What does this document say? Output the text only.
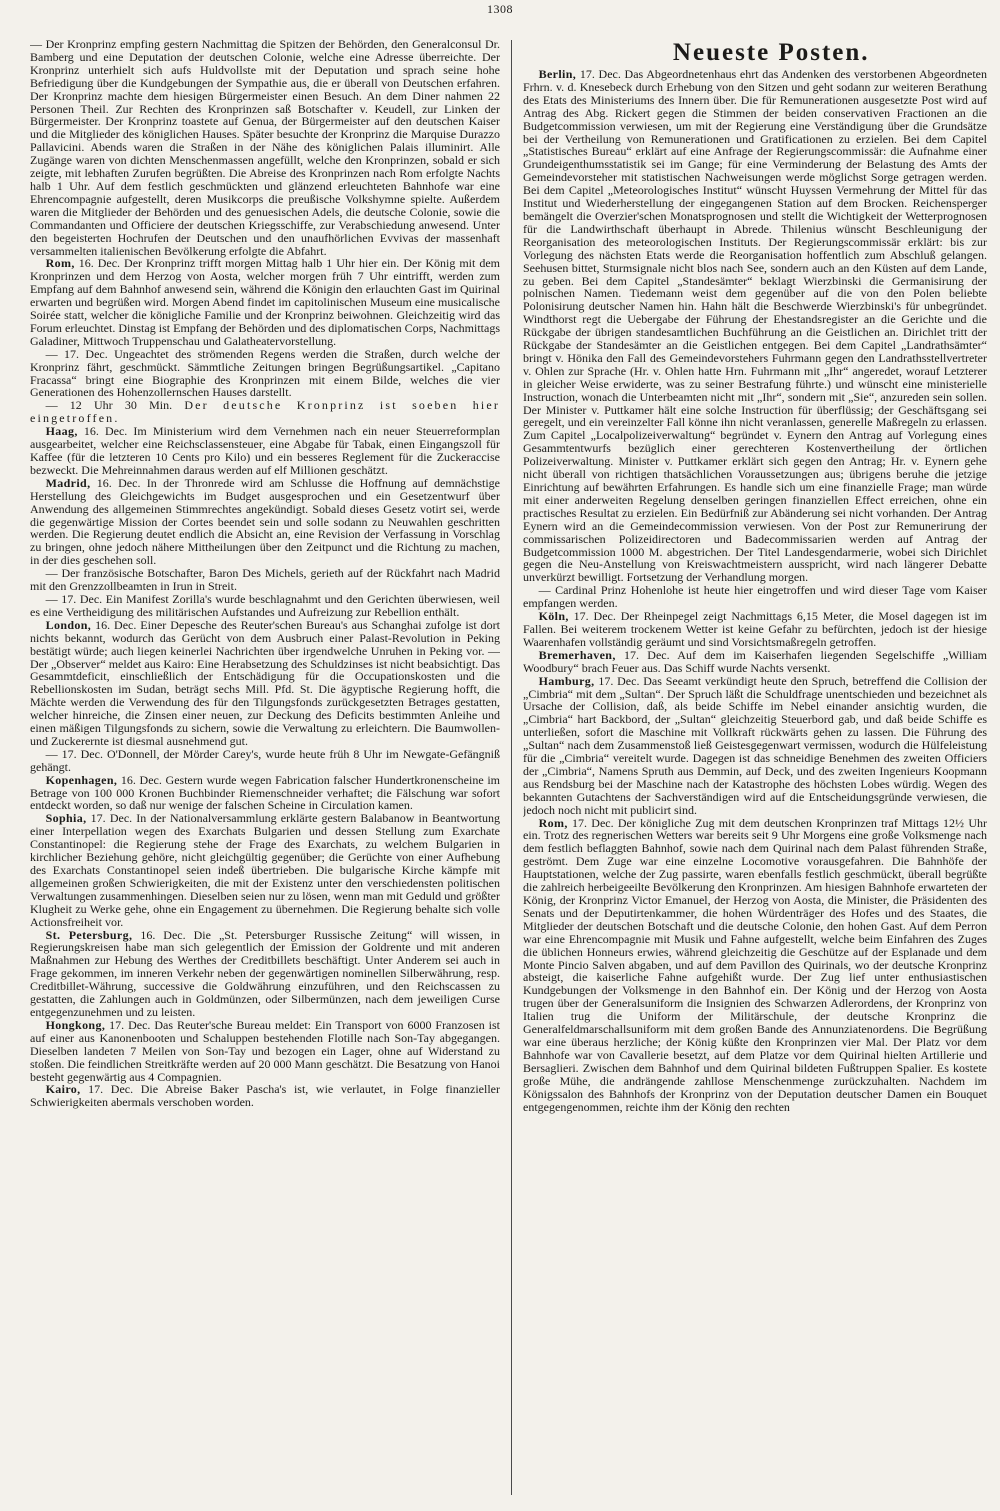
1308

— Der Kronprinz empfing gestern Nachmittag die Spitzen der Behörden, den Generalconsul Dr. Bamberg und eine Deputation der deutschen Colonie, welche eine Adresse überreichte. Der Kronprinz unterhielt sich aufs Huldvollste mit der Deputation und sprach seine hohe Befriedigung über die Kundgebungen der Sympathie aus, die er überall von Deutschen erfahren. Der Kronprinz machte dem hiesigen Bürgermeister einen Besuch. An dem Diner nahmen 22 Personen Theil. Zur Rechten des Kronprinzen saß Botschafter v. Keudell, zur Linken der Bürgermeister. Der Kronprinz toastete auf Genua, der Bürgermeister auf den deutschen Kaiser und die Mitglieder des königlichen Hauses. Später besuchte der Kronprinz die Marquise Durazzo Pallavicini. Abends waren die Straßen in der Nähe des königlichen Palais illuminirt. Alle Zugänge waren von dichten Menschenmassen angefüllt, welche den Kronprinzen, sobald er sich zeigte, mit lebhaften Zurufen begrüßten. Die Abreise des Kronprinzen nach Rom erfolgte Nachts halb 1 Uhr. Auf dem festlich geschmückten und glänzend erleuchteten Bahnhofe war eine Ehrencompagnie aufgestellt, deren Musikcorps die preußische Volkshymne spielte. Außerdem waren die Mitglieder der Behörden und des genuesischen Adels, die deutsche Colonie, sowie die Commandanten und Officiere der deutschen Kriegsschiffe, zur Verabschiedung anwesend. Unter den begeisterten Hochrufen der Deutschen und den unaufhörlichen Evvivas der massenhaft versammelten italienischen Bevölkerung erfolgte die Abfahrt.

Rom, 16. Dec. Der Kronprinz trifft morgen Mittag halb 1 Uhr hier ein. Der König mit dem Kronprinzen und dem Herzog von Aosta, welcher morgen früh 7 Uhr eintrifft, werden zum Empfang auf dem Bahnhof anwesend sein, während die Königin den erlauchten Gast im Quirinal erwarten und begrüßen wird. Morgen Abend findet im capitolinischen Museum eine musicalische Soirée statt, welcher die königliche Familie und der Kronprinz beiwohnen. Gleichzeitig wird das Forum erleuchtet. Dinstag ist Empfang der Behörden und des diplomatischen Corps, Nachmittags Galadiner, Mittwoch Truppenschau und Galatheatervorstellung.

— 17. Dec. Ungeachtet des strömenden Regens werden die Straßen, durch welche der Kronprinz fährt, geschmückt. Sämmtliche Zeitungen bringen Begrüßungsartikel. „Capitano Fracassa“ bringt eine Biographie des Kronprinzen mit einem Bilde, welches die vier Generationen des Hohenzollernschen Hauses darstellt.

— 12 Uhr 30 Min. Der deutsche Kronprinz ist soeben hier eingetroffen.

Haag, 16. Dec. Im Ministerium wird dem Vernehmen nach ein neuer Steuerreformplan ausgearbeitet, welcher eine Reichsclassensteuer, eine Abgabe für Tabak, einen Eingangszoll für Kaffee (für die letzteren 10 Cents pro Kilo) und ein besseres Reglement für die Zuckeraccise bezweckt. Die Mehreinnahmen daraus werden auf elf Millionen geschätzt.

Madrid, 16. Dec. In der Thronrede wird am Schlusse die Hoffnung auf demnächstige Herstellung des Gleichgewichts im Budget ausgesprochen und ein Gesetzentwurf über Anwendung des allgemeinen Stimmrechtes angekündigt. Sobald dieses Gesetz votirt sei, werde die gegenwärtige Mission der Cortes beendet sein und solle sodann zu Neuwahlen geschritten werden. Die Regierung deutet endlich die Absicht an, eine Revision der Verfassung in Vorschlag zu bringen, ohne jedoch nähere Mittheilungen über den Zeitpunct und die Richtung zu machen, in der dies geschehen soll.

— Der französische Botschafter, Baron Des Michels, gerieth auf der Rückfahrt nach Madrid mit den Grenzzollbeamten in Irun in Streit.

— 17. Dec. Ein Manifest Zorilla's wurde beschlagnahmt und den Gerichten überwiesen, weil es eine Vertheidigung des militärischen Aufstandes und Aufreizung zur Rebellion enthält.

London, 16. Dec. Einer Depesche des Reuter'schen Bureau's aus Schanghai zufolge ist dort nichts bekannt, wodurch das Gerücht von dem Ausbruch einer Palast-Revolution in Peking bestätigt würde; auch liegen keinerlei Nachrichten über irgendwelche Unruhen in Peking vor. — Der „Observer“ meldet aus Kairo: Eine Herabsetzung des Schuldzinses ist nicht beabsichtigt. Das Gesammtdeficit, einschließlich der Entschädigung für die Occupationskosten und die Rebellionskosten im Sudan, beträgt sechs Mill. Pfd. St. Die ägyptische Regierung hofft, die Mächte werden die Verwendung des für den Tilgungsfonds zurückgesetzten Betrages gestatten, welcher hinreiche, die Zinsen einer neuen, zur Deckung des Deficits bestimmten Anleihe und einen mäßigen Tilgungsfonds zu sichern, sowie die Verwaltung zu erleichtern. Die Baumwollen- und Zuckerernte ist diesmal ausnehmend gut.

— 17. Dec. O'Donnell, der Mörder Carey's, wurde heute früh 8 Uhr im Newgate-Gefängniß gehängt.

Kopenhagen, 16. Dec. Gestern wurde wegen Fabrication falscher Hundertkronenscheine im Betrage von 100 000 Kronen Buchbinder Riemenschneider verhaftet; die Fälschung war sofort entdeckt worden, so daß nur wenige der falschen Scheine in Circulation kamen.

Sophia, 17. Dec. In der Nationalversammlung erklärte gestern Balabanow in Beantwortung einer Interpellation wegen des Exarchats Bulgarien und dessen Stellung zum Exarchate Constantinopel: die Regierung stehe der Frage des Exarchats, zu welchem Bulgarien in kirchlicher Beziehung gehöre, nicht gleichgültig gegenüber; die Gerüchte von einer Aufhebung des Exarchats Constantinopel seien indeß übertrieben. Die bulgarische Kirche kämpfe mit allgemeinen großen Schwierigkeiten, die mit der Existenz unter den verschiedensten politischen Verwaltungen zusammenhingen. Dieselben seien nur zu lösen, wenn man mit Geduld und größter Klugheit zu Werke gehe, ohne ein Engagement zu übernehmen. Die Regierung behalte sich volle Actionsfreiheit vor.

St. Petersburg, 16. Dec. Die „St. Petersburger Russische Zeitung“ will wissen, in Regierungskreisen habe man sich gelegentlich der Emission der Goldrente und mit anderen Maßnahmen zur Hebung des Werthes der Creditbillets beschäftigt. Unter Anderem sei auch in Frage gekommen, im inneren Verkehr neben der gegenwärtigen nominellen Silberwährung, resp. Creditbillet-Währung, successive die Goldwährung einzuführen, und den Reichscassen zu gestatten, die Zahlungen auch in Goldmünzen, oder Silbermünzen, nach dem jeweiligen Curse entgegenzunehmen und zu leisten.

Hongkong, 17. Dec. Das Reuter'sche Bureau meldet: Ein Transport von 6000 Franzosen ist auf einer aus Kanonenbooten und Schaluppen bestehenden Flotille nach Son-Tay abgegangen. Dieselben landeten 7 Meilen von Son-Tay und bezogen ein Lager, ohne auf Widerstand zu stoßen. Die feindlichen Streitkräfte werden auf 20 000 Mann geschätzt. Die Besatzung von Hanoi besteht gegenwärtig aus 4 Compagnien.

Kairo, 17. Dec. Die Abreise Baker Pascha's ist, wie verlautet, in Folge finanzieller Schwierigkeiten abermals verschoben worden.

Neueste Posten.

Berlin, 17. Dec. Das Abgeordnetenhaus ehrt das Andenken des verstorbenen Abgeordneten Frhrn. v. d. Knesebeck durch Erhebung von den Sitzen und geht sodann zur weiteren Berathung des Etats des Ministeriums des Innern über. Die für Remunerationen ausgesetzte Post wird auf Antrag des Abg. Rickert gegen die Stimmen der beiden conservativen Fractionen an die Budgetcommission verwiesen, um mit der Regierung eine Verständigung über die Grundsätze bei der Vertheilung von Remunerationen und Gratificationen zu erzielen. Bei dem Capitel „Statistisches Bureau“ erklärt auf eine Anfrage der Regierungscommissär: die Aufnahme einer Grundeigenthumsstatistik sei im Gange; für eine Verminderung der Belastung des Amts der Gemeindevorsteher mit statistischen Nachweisungen werde möglichst Sorge getragen werden. Bei dem Capitel „Meteorologisches Institut“ wünscht Huyssen Vermehrung der Mittel für das Institut und Wiederherstellung der eingegangenen Station auf dem Brocken. Reichensperger bemängelt die Overzier'schen Monatsprognosen und stellt die Wichtigkeit der Wetterprognosen für die Landwirthschaft überhaupt in Abrede. Thilenius wünscht Beschleunigung der Reorganisation des meteorologischen Instituts. Der Regierungscommissär erklärt: bis zur Vorlegung des nächsten Etats werde die Reorganisation hoffentlich zum Abschluß gelangen. Seehusen bittet, Sturmsignale nicht blos nach See, sondern auch an den Küsten auf dem Lande, zu geben. Bei dem Capitel „Standesämter“ beklagt Wierzbinski die Germanisirung der polnischen Namen. Tiedemann weist dem gegenüber auf die von den Polen beliebte Polonisirung deutscher Namen hin. Hahn hält die Beschwerde Wierzbinski's für unbegründet. Windthorst regt die Uebergabe der Führung der Ehestandsregister an die Gerichte und die Rückgabe der übrigen standesamtlichen Buchführung an die Geistlichen an. Dirichlet tritt der Rückgabe der Standesämter an die Geistlichen entgegen. Bei dem Capitel „Landrathsämter“ bringt v. Hönika den Fall des Gemeindevorstehers Fuhrmann gegen den Landrathsstellvertreter v. Ohlen zur Sprache (Hr. v. Ohlen hatte Hrn. Fuhrmann mit „Ihr“ angeredet, worauf Letzterer in gleicher Weise erwiderte, was zu seiner Bestrafung führte.) und wünscht eine ministerielle Instruction, wonach die Unterbeamten nicht mit „Ihr“, sondern mit „Sie“, anzureden sein sollen. Der Minister v. Puttkamer hält eine solche Instruction für überflüssig; der Geschäftsgang sei geregelt, und ein vereinzelter Fall könne ihn nicht veranlassen, generelle Maßregeln zu erlassen. Zum Capitel „Localpolizeiverwaltung“ begründet v. Eynern den Antrag auf Vorlegung eines Gesammtentwurfs bezüglich einer gerechteren Kostenvertheilung der örtlichen Polizeiverwaltung. Minister v. Puttkamer erklärt sich gegen den Antrag; Hr. v. Eynern gehe nicht überall von richtigen thatsächlichen Voraussetzungen aus; übrigens beruhe die jetzige Einrichtung auf bewährten Erfahrungen. Es handle sich um eine finanzielle Frage; man würde mit einer anderweiten Regelung denselben geringen finanziellen Effect erreichen, ohne ein practisches Resultat zu erzielen. Ein Bedürfniß zur Abänderung sei nicht vorhanden. Der Antrag Eynern wird an die Gemeindecommission verwiesen. Von der Post zur Remunerirung der commissarischen Polizeidirectoren und Badecommissarien werden auf Antrag der Budgetcommission 1000 M. abgestrichen. Der Titel Landesgendarmerie, wobei sich Dirichlet gegen die Neu-Anstellung von Kreiswachtmeistern ausspricht, wird nach längerer Debatte unverkürzt bewilligt. Fortsetzung der Verhandlung morgen.

— Cardinal Prinz Hohenlohe ist heute hier eingetroffen und wird dieser Tage vom Kaiser empfangen werden.

Köln, 17. Dec. Der Rheinpegel zeigt Nachmittags 6,15 Meter, die Mosel dagegen ist im Fallen. Bei weiterem trockenem Wetter ist keine Gefahr zu befürchten, jedoch ist der hiesige Waarenhafen vollständig geräumt und sind Vorsichtsmaßregeln getroffen.

Bremerhaven, 17. Dec. Auf dem im Kaiserhafen liegenden Segelschiffe „William Woodbury“ brach Feuer aus. Das Schiff wurde Nachts versenkt.

Hamburg, 17. Dec. Das Seeamt verkündigt heute den Spruch, betreffend die Collision der „Cimbria“ mit dem „Sultan“. Der Spruch läßt die Schuldfrage unentschieden und bezeichnet als Ursache der Collision, daß, als beide Schiffe im Nebel einander ansichtig wurden, die „Cimbria“ hart Backbord, der „Sultan“ gleichzeitig Steuerbord gab, und daß beide Schiffe es unterließen, sofort die Maschine mit Vollkraft rückwärts gehen zu lassen. Die Führung des „Sultan“ nach dem Zusammenstoß ließ Geistesgegenwart vermissen, wodurch die Hülfeleistung für die „Cimbria“ vereitelt wurde. Dagegen ist das schneidige Benehmen des zweiten Officiers der „Cimbria“, Namens Spruth aus Demmin, auf Deck, und des zweiten Ingenieurs Koopmann aus Rendsburg bei der Maschine nach der Katastrophe des höchsten Lobes würdig. Wegen des bekannten Gutachtens der Sachverständigen wird auf die Entscheidungsgründe verwiesen, die jedoch noch nicht mit publicirt sind.

Rom, 17. Dec. Der königliche Zug mit dem deutschen Kronprinzen traf Mittags 12½ Uhr ein. Trotz des regnerischen Wetters war bereits seit 9 Uhr Morgens eine große Volksmenge nach dem festlich beflaggten Bahnhof, sowie nach dem Quirinal nach dem Palast führenden Straße, geströmt. Dem Zuge war eine einzelne Locomotive vorausgefahren. Die Bahnhöfe der Hauptstationen, welche der Zug passirte, waren ebenfalls festlich geschmückt, überall begrüßte die zahlreich herbeigeeilte Bevölkerung den Kronprinzen. Am hiesigen Bahnhofe erwarteten der König, der Kronprinz Victor Emanuel, der Herzog von Aosta, die Minister, die Präsidenten des Senats und der Deputirtenkammer, die hohen Würdenträger des Hofes und des Staates, die Mitglieder der deutschen Botschaft und die deutsche Colonie, den hohen Gast. Auf dem Perron war eine Ehrencompagnie mit Musik und Fahne aufgestellt, welche beim Einfahren des Zuges die üblichen Honneurs erwies, während gleichzeitig die Geschütze auf der Esplanade und dem Monte Pincio Salven abgaben, und auf dem Pavillon des Quirinals, wo der deutsche Kronprinz absteigt, die kaiserliche Fahne aufgehißt wurde. Der Zug lief unter enthusiastischen Kundgebungen der Volksmenge in den Bahnhof ein. Der König und der Herzog von Aosta trugen über der Generalsuniform die Insignien des Schwarzen Adlerordens, der Kronprinz von Italien trug die Uniform der Militärschule, der deutsche Kronprinz die Generalfeldmarschallsuniform mit dem großen Bande des Annunziatenordens. Die Begrüßung war eine überaus herzliche; der König küßte den Kronprinzen vier Mal. Der Platz vor dem Bahnhofe war von Cavallerie besetzt, auf dem Platze vor dem Quirinal hielten Artillerie und Bersaglieri. Zwischen dem Bahnhof und dem Quirinal bildeten Fußtruppen Spalier. Es kostete große Mühe, die andrängende zahllose Menschenmenge zurückzuhalten. Nachdem im Königssalon des Bahnhofs der Kronprinz von der Deputation deutscher Damen ein Bouquet entgegengenommen, reichte ihm der König den rechten
